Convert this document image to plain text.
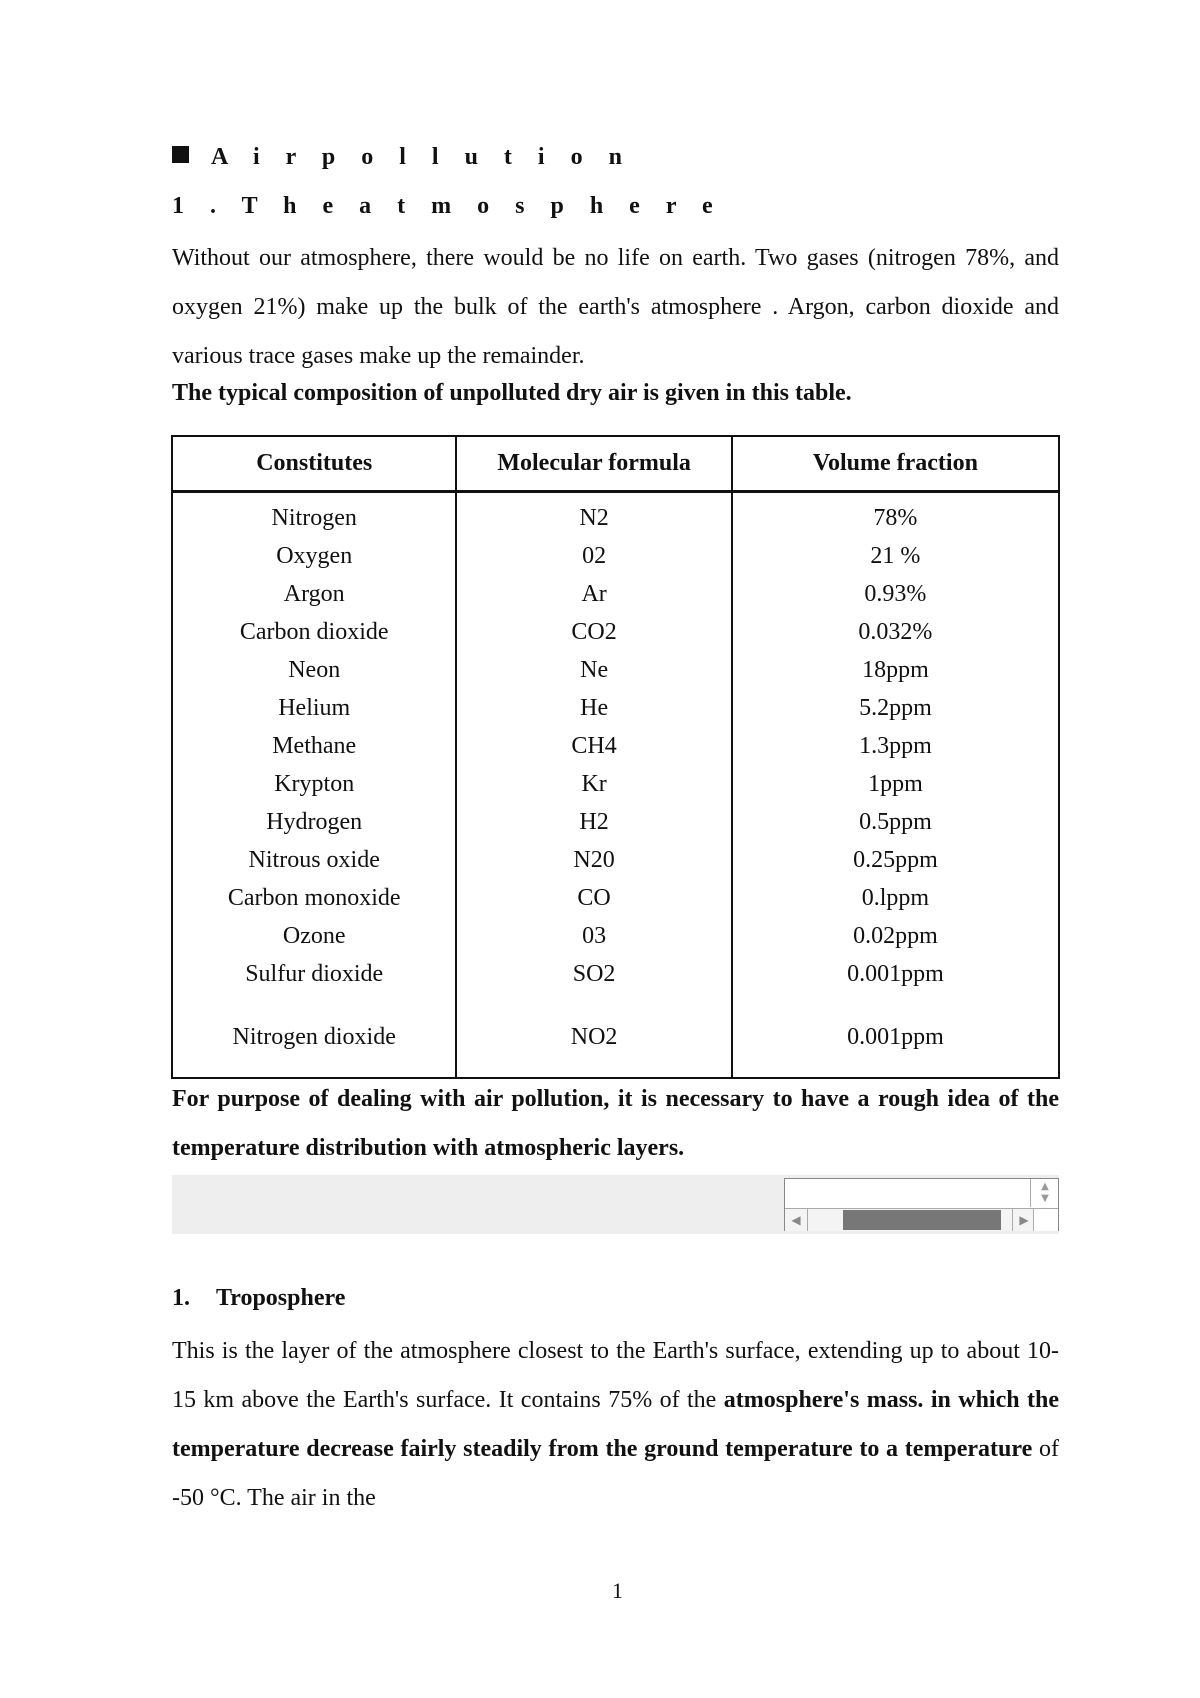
A i r p o l l u t i o n
1 . T h e a t m o s p h e r e
Without our atmosphere, there would be no life on earth. Two gases (nitrogen 78%, and oxygen 21%) make up the bulk of the earth's atmosphere . Argon, carbon dioxide and various trace gases make up the remainder.
The typical composition of unpolluted dry air is given in this table.
Constitutes	Molecular formula	Volume fraction
Nitrogen	N2	78%
Oxygen	02	21 %
Argon	Ar	0.93%
Carbon dioxide	CO2	0.032%
Neon	Ne	18ppm
Helium	He	5.2ppm
Methane	CH4	1.3ppm
Krypton	Kr	1ppm
Hydrogen	H2	0.5ppm
Nitrous oxide	N20	0.25ppm
Carbon monoxide	CO	0.lppm
Ozone	03	0.02ppm
Sulfur dioxide	SO2	0.001ppm
Nitrogen dioxide	NO2	0.001ppm
For purpose of dealing with air pollution, it is necessary to have a rough idea of the temperature distribution with atmospheric layers.
▲
▼
◀	▶
1. Troposphere
This is the layer of the atmosphere closest to the Earth's surface, extending up to about 10-15 km above the Earth's surface. It contains 75% of the atmosphere's mass. in which the temperature decrease fairly steadily from the ground temperature to a temperature of -50 °C. The air in the
1
